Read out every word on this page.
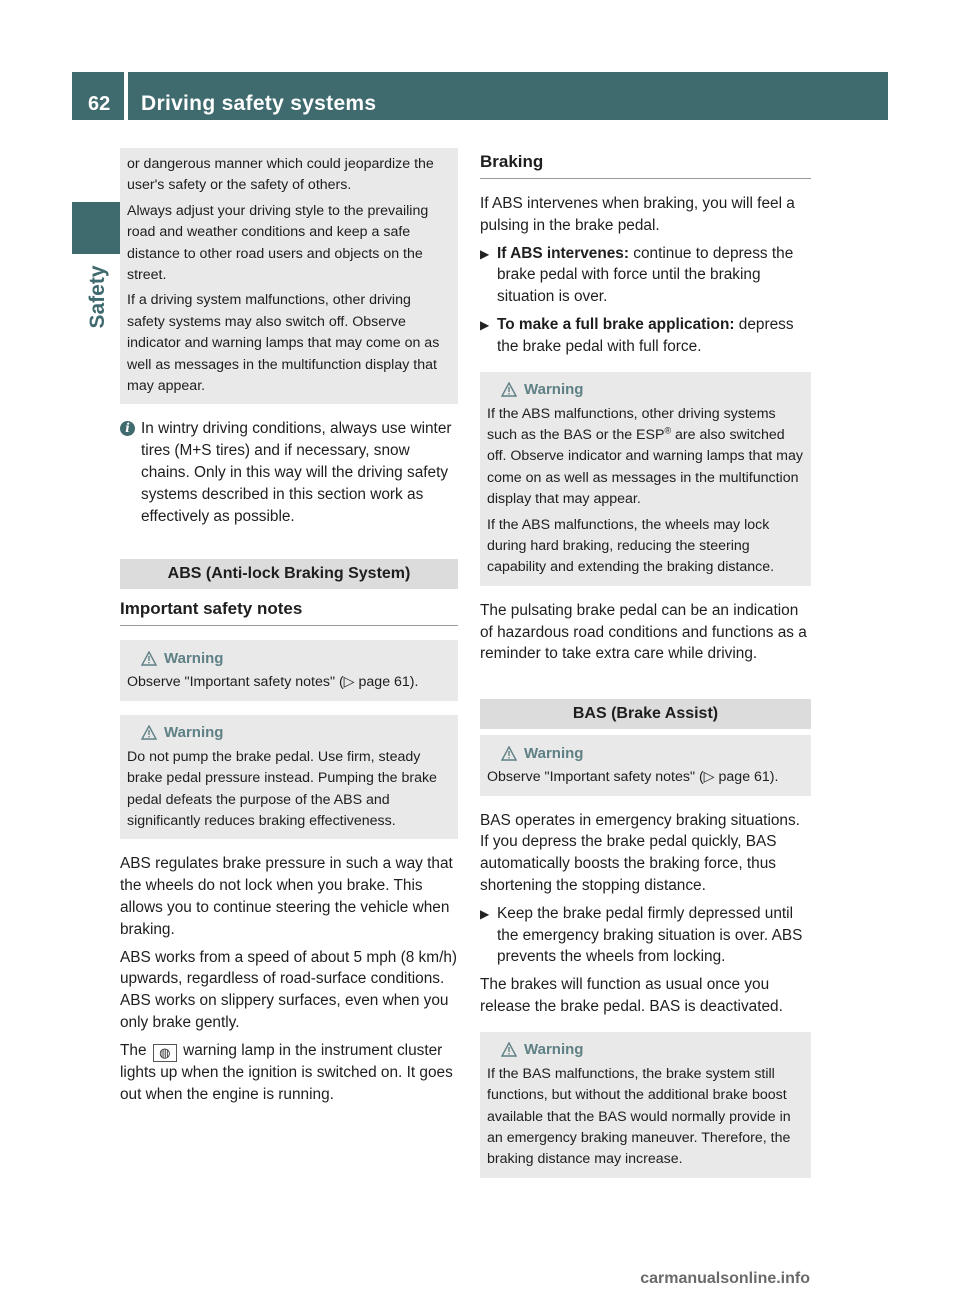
62	Driving safety systems
Safety

or dangerous manner which could jeopardize the user's safety or the safety of others.

Always adjust your driving style to the prevailing road and weather conditions and keep a safe distance to other road users and objects on the street.

If a driving system malfunctions, other driving safety systems may also switch off. Observe indicator and warning lamps that may come on as well as messages in the multifunction display that may appear.

i In wintry driving conditions, always use winter tires (M+S tires) and if necessary, snow chains. Only in this way will the driving safety systems described in this section work as effectively as possible.

ABS (Anti-lock Braking System)
Important safety notes
Warning

Observe "Important safety notes" (▷ page 61).

Warning

Do not pump the brake pedal. Use firm, steady brake pedal pressure instead. Pumping the brake pedal defeats the purpose of the ABS and significantly reduces braking effectiveness.

ABS regulates brake pressure in such a way that the wheels do not lock when you brake. This allows you to continue steering the vehicle when braking.

ABS works from a speed of about 5 mph (8 km/h) upwards, regardless of road-surface conditions. ABS works on slippery surfaces, even when you only brake gently.

The ◍ warning lamp in the instrument cluster lights up when the ignition is switched on. It goes out when the engine is running.

Braking

If ABS intervenes when braking, you will feel a pulsing in the brake pedal.

▶ If ABS intervenes: continue to depress the brake pedal with force until the braking situation is over.

▶ To make a full brake application: depress the brake pedal with full force.

Warning

If the ABS malfunctions, other driving systems such as the BAS or the ESP® are also switched off. Observe indicator and warning lamps that may come on as well as messages in the multifunction display that may appear.

If the ABS malfunctions, the wheels may lock during hard braking, reducing the steering capability and extending the braking distance.

The pulsating brake pedal can be an indication of hazardous road conditions and functions as a reminder to take extra care while driving.

BAS (Brake Assist)
Warning

Observe "Important safety notes" (▷ page 61).

BAS operates in emergency braking situations. If you depress the brake pedal quickly, BAS automatically boosts the braking force, thus shortening the stopping distance.

▶ Keep the brake pedal firmly depressed until the emergency braking situation is over. ABS prevents the wheels from locking.

The brakes will function as usual once you release the brake pedal. BAS is deactivated.

Warning

If the BAS malfunctions, the brake system still functions, but without the additional brake boost available that the BAS would normally provide in an emergency braking maneuver. Therefore, the braking distance may increase.

carmanualsonline.info
